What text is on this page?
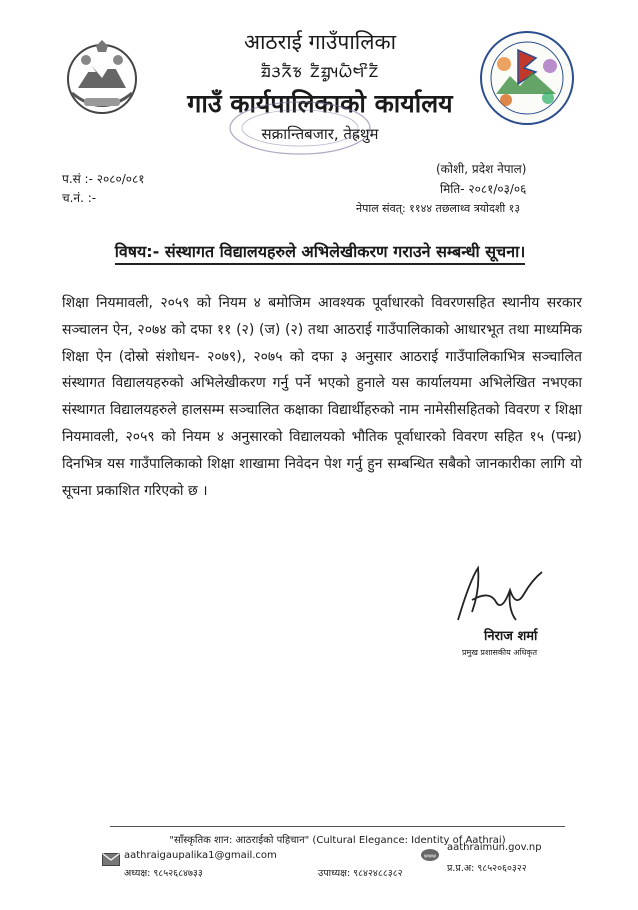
आठराई गाउँपालिका
ᤀᤠᤋᤖᤠᤃ ᤁᤠᤀᤢᤵᤐᤠᤗᤡᤁᤠ
गाउँ कार्यपालिकाको कार्यालय
सक्रान्तिबजार, तेह्रथुम
प.सं :- २०८०/०८१
च.नं. :-
(कोशी, प्रदेश नेपाल)
मिति- २०८१/०३/०६
नेपाल संवत्: ११४४ तछलाथ्व त्रयोदशी १३
विषय:- संस्थागत विद्यालयहरुले अभिलेखीकरण गराउने सम्बन्धी सूचना।
शिक्षा नियमावली, २०५९ को नियम ४ बमोजिम आवश्यक पूर्वाधारको विवरणसहित स्थानीय सरकार सञ्चालन ऐन, २०७४ को दफा ११ (२) (ज) (२) तथा आठराई गाउँपालिकाको आधारभूत तथा माध्यमिक शिक्षा ऐन (दोस्रो संशोधन- २०७९), २०७५ को दफा ३ अनुसार आठराई गाउँपालिकाभित्र सञ्चालित संस्थागत विद्यालयहरुको अभिलेखीकरण गर्नु पर्ने भएको हुनाले यस कार्यालयमा अभिलेखित नभएका संस्थागत विद्यालयहरुले हालसम्म सञ्चालित कक्षाका विद्यार्थीहरुको नाम नामेसीसहितको विवरण र शिक्षा नियमावली, २०५९ को नियम ४ अनुसारको विद्यालयको भौतिक पूर्वाधारको विवरण सहित १५ (पन्ध्र) दिनभित्र यस गाउँपालिकाको शिक्षा शाखामा निवेदन पेश गर्नु हुन सम्बन्धित सबैको जानकारीका लागि यो सूचना प्रकाशित गरिएको छ ।
निराज शर्मा
प्रमुख प्रशासकीय अधिकृत
"साँस्कृतिक शान: आठराईको पहिचान" (Cultural Elegance: Identity of Aathrai)
aathraigaupalika1@gmail.com	www
aathraimun.gov.np
अध्यक्ष: ९८५२६८४७३३	उपाध्यक्ष: ९८४२४८८३८२	प्र.प्र.अ: ९८५२०६०३२२
